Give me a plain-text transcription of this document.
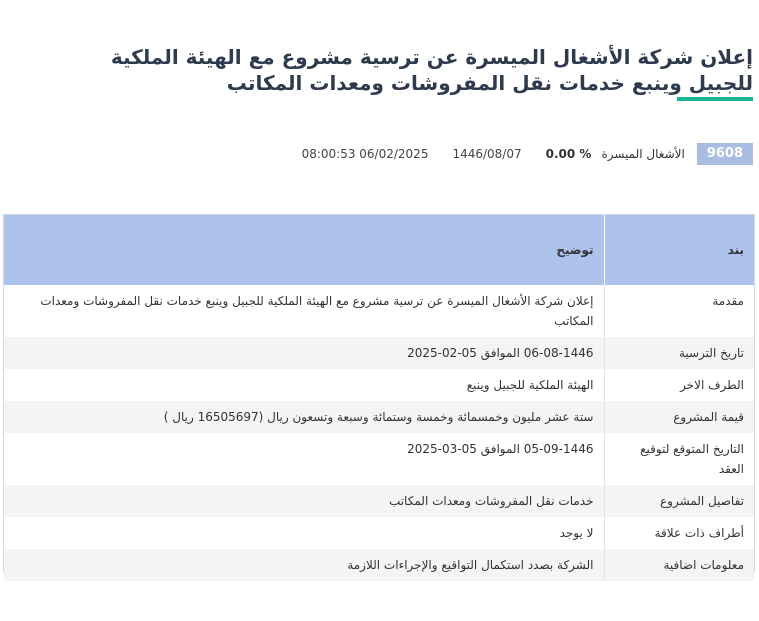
إعلان شركة الأشغال الميسرة عن ترسية مشروع مع الهيئة الملكية للجبيل وينبع خدمات نقل المفروشات ومعدات المكاتب
9608
الأشغال الميسرة
0.00 %
1446/08/07
08:00:53 06/02/2025
بند	توضيح
مقدمة	إعلان شركة الأشغال الميسرة عن ترسية مشروع مع الهيئة الملكية للجبيل وينبع خدمات نقل المفروشات ومعدات المكاتب
تاريخ الترسية	06-08-1446 الموافق 05-02-2025
الطرف الاخر	الهيئة الملكية للجبيل وينبع
قيمة المشروع	ستة عشر مليون وخمسمائة وخمسة وستمائة وسبعة وتسعون ريال (16505697 ريال )
التاريخ المتوقع لتوقيع العقد	05-09-1446 الموافق 05-03-2025
تفاصيل المشروع	خدمات نقل المفروشات ومعدات المكاتب
أطراف ذات علاقة	لا يوجد
معلومات اضافية	الشركة بصدد استكمال التواقيع والإجراءات اللازمة
